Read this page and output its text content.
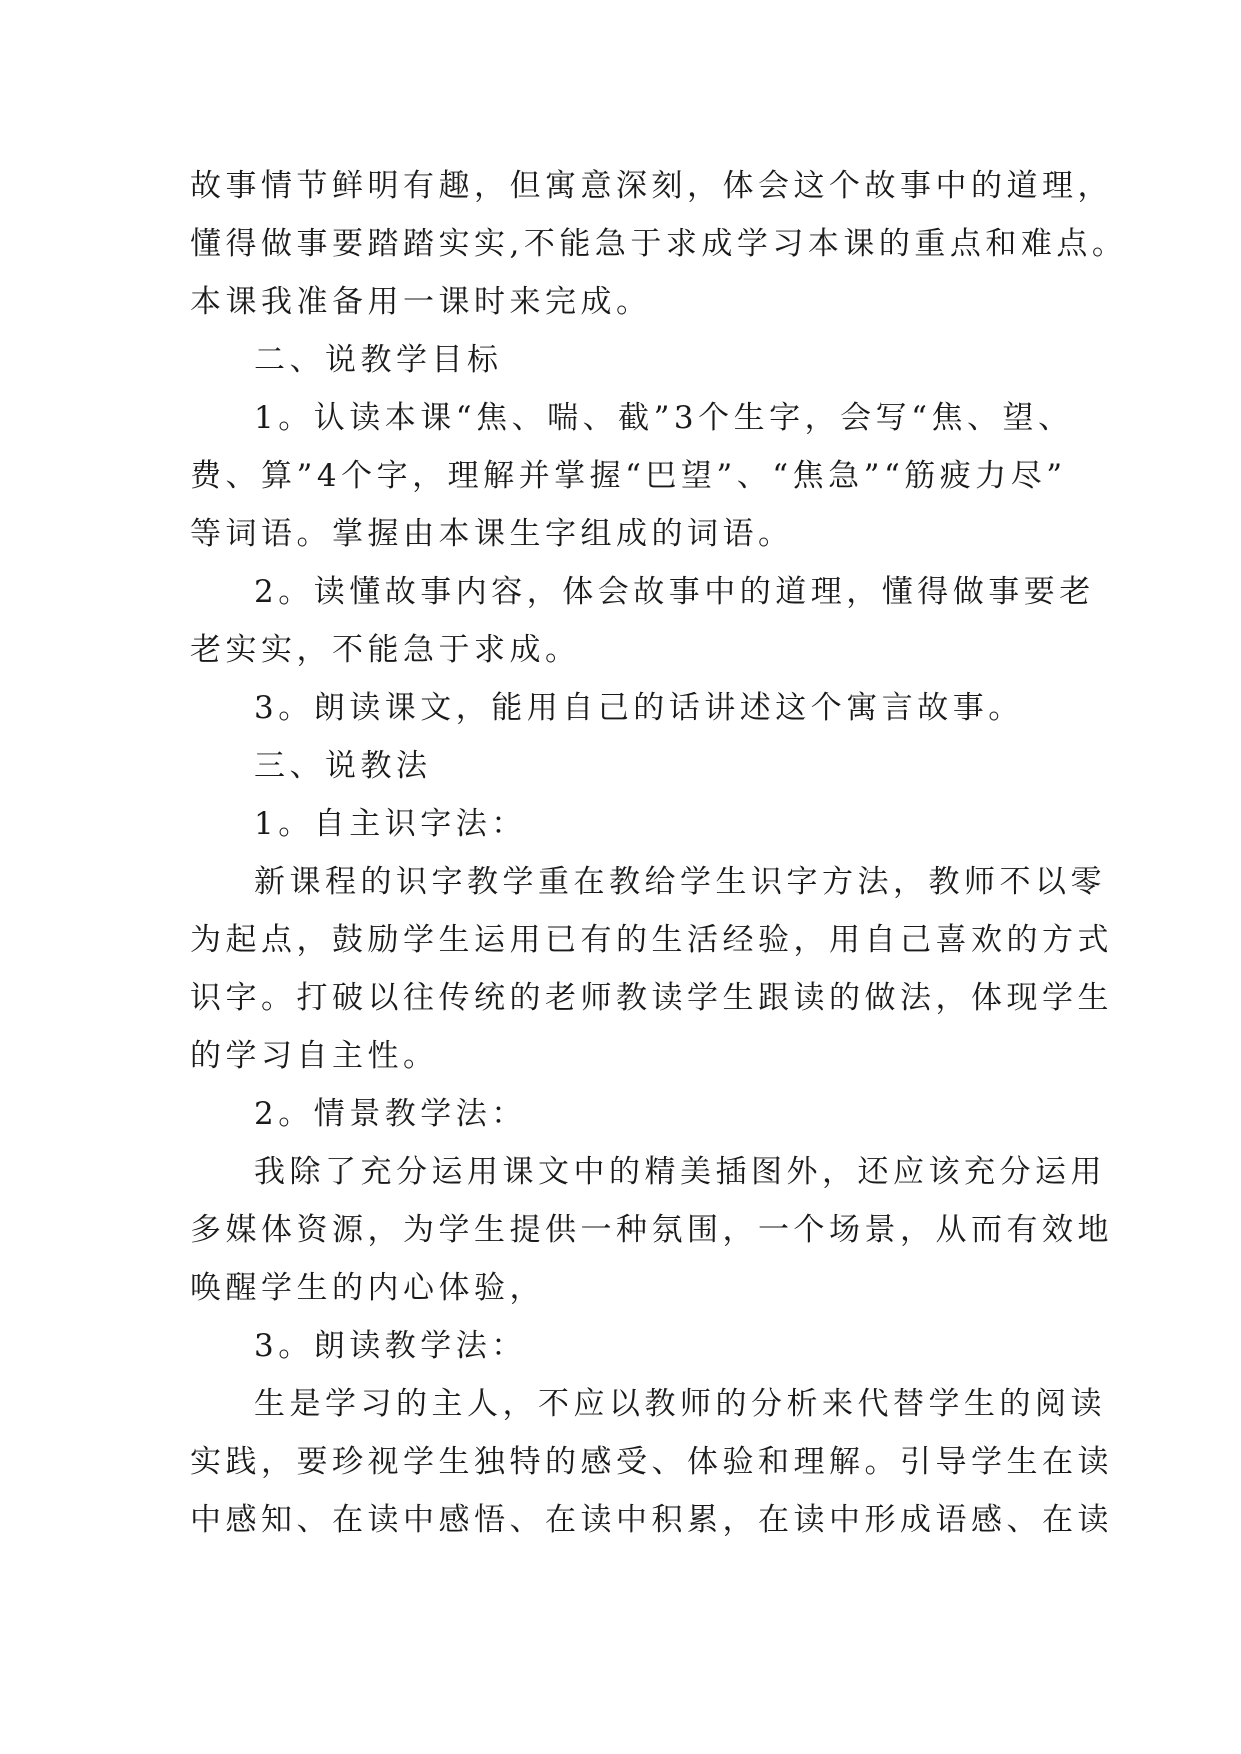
故事情节鲜明有趣，但寓意深刻，体会这个故事中的道理，
懂得做事要踏踏实实,不能急于求成学习本课的重点和难点。
本课我准备用一课时来完成。
二、说教学目标
1。认读本课“焦、喘、截”3个生字，会写“焦、望、
费、算”4个字，理解并掌握“巴望”、“焦急”“筋疲力尽”
等词语。掌握由本课生字组成的词语。
2。读懂故事内容，体会故事中的道理，懂得做事要老
老实实，不能急于求成。
3。朗读课文，能用自己的话讲述这个寓言故事。
三、说教法
1。自主识字法：
新课程的识字教学重在教给学生识字方法，教师不以零
为起点，鼓励学生运用已有的生活经验，用自己喜欢的方式
识字。打破以往传统的老师教读学生跟读的做法，体现学生
的学习自主性。
2。情景教学法：
我除了充分运用课文中的精美插图外，还应该充分运用
多媒体资源，为学生提供一种氛围，一个场景，从而有效地
唤醒学生的内心体验，
3。朗读教学法：
生是学习的主人，不应以教师的分析来代替学生的阅读
实践，要珍视学生独特的感受、体验和理解。引导学生在读
中感知、在读中感悟、在读中积累，在读中形成语感、在读
